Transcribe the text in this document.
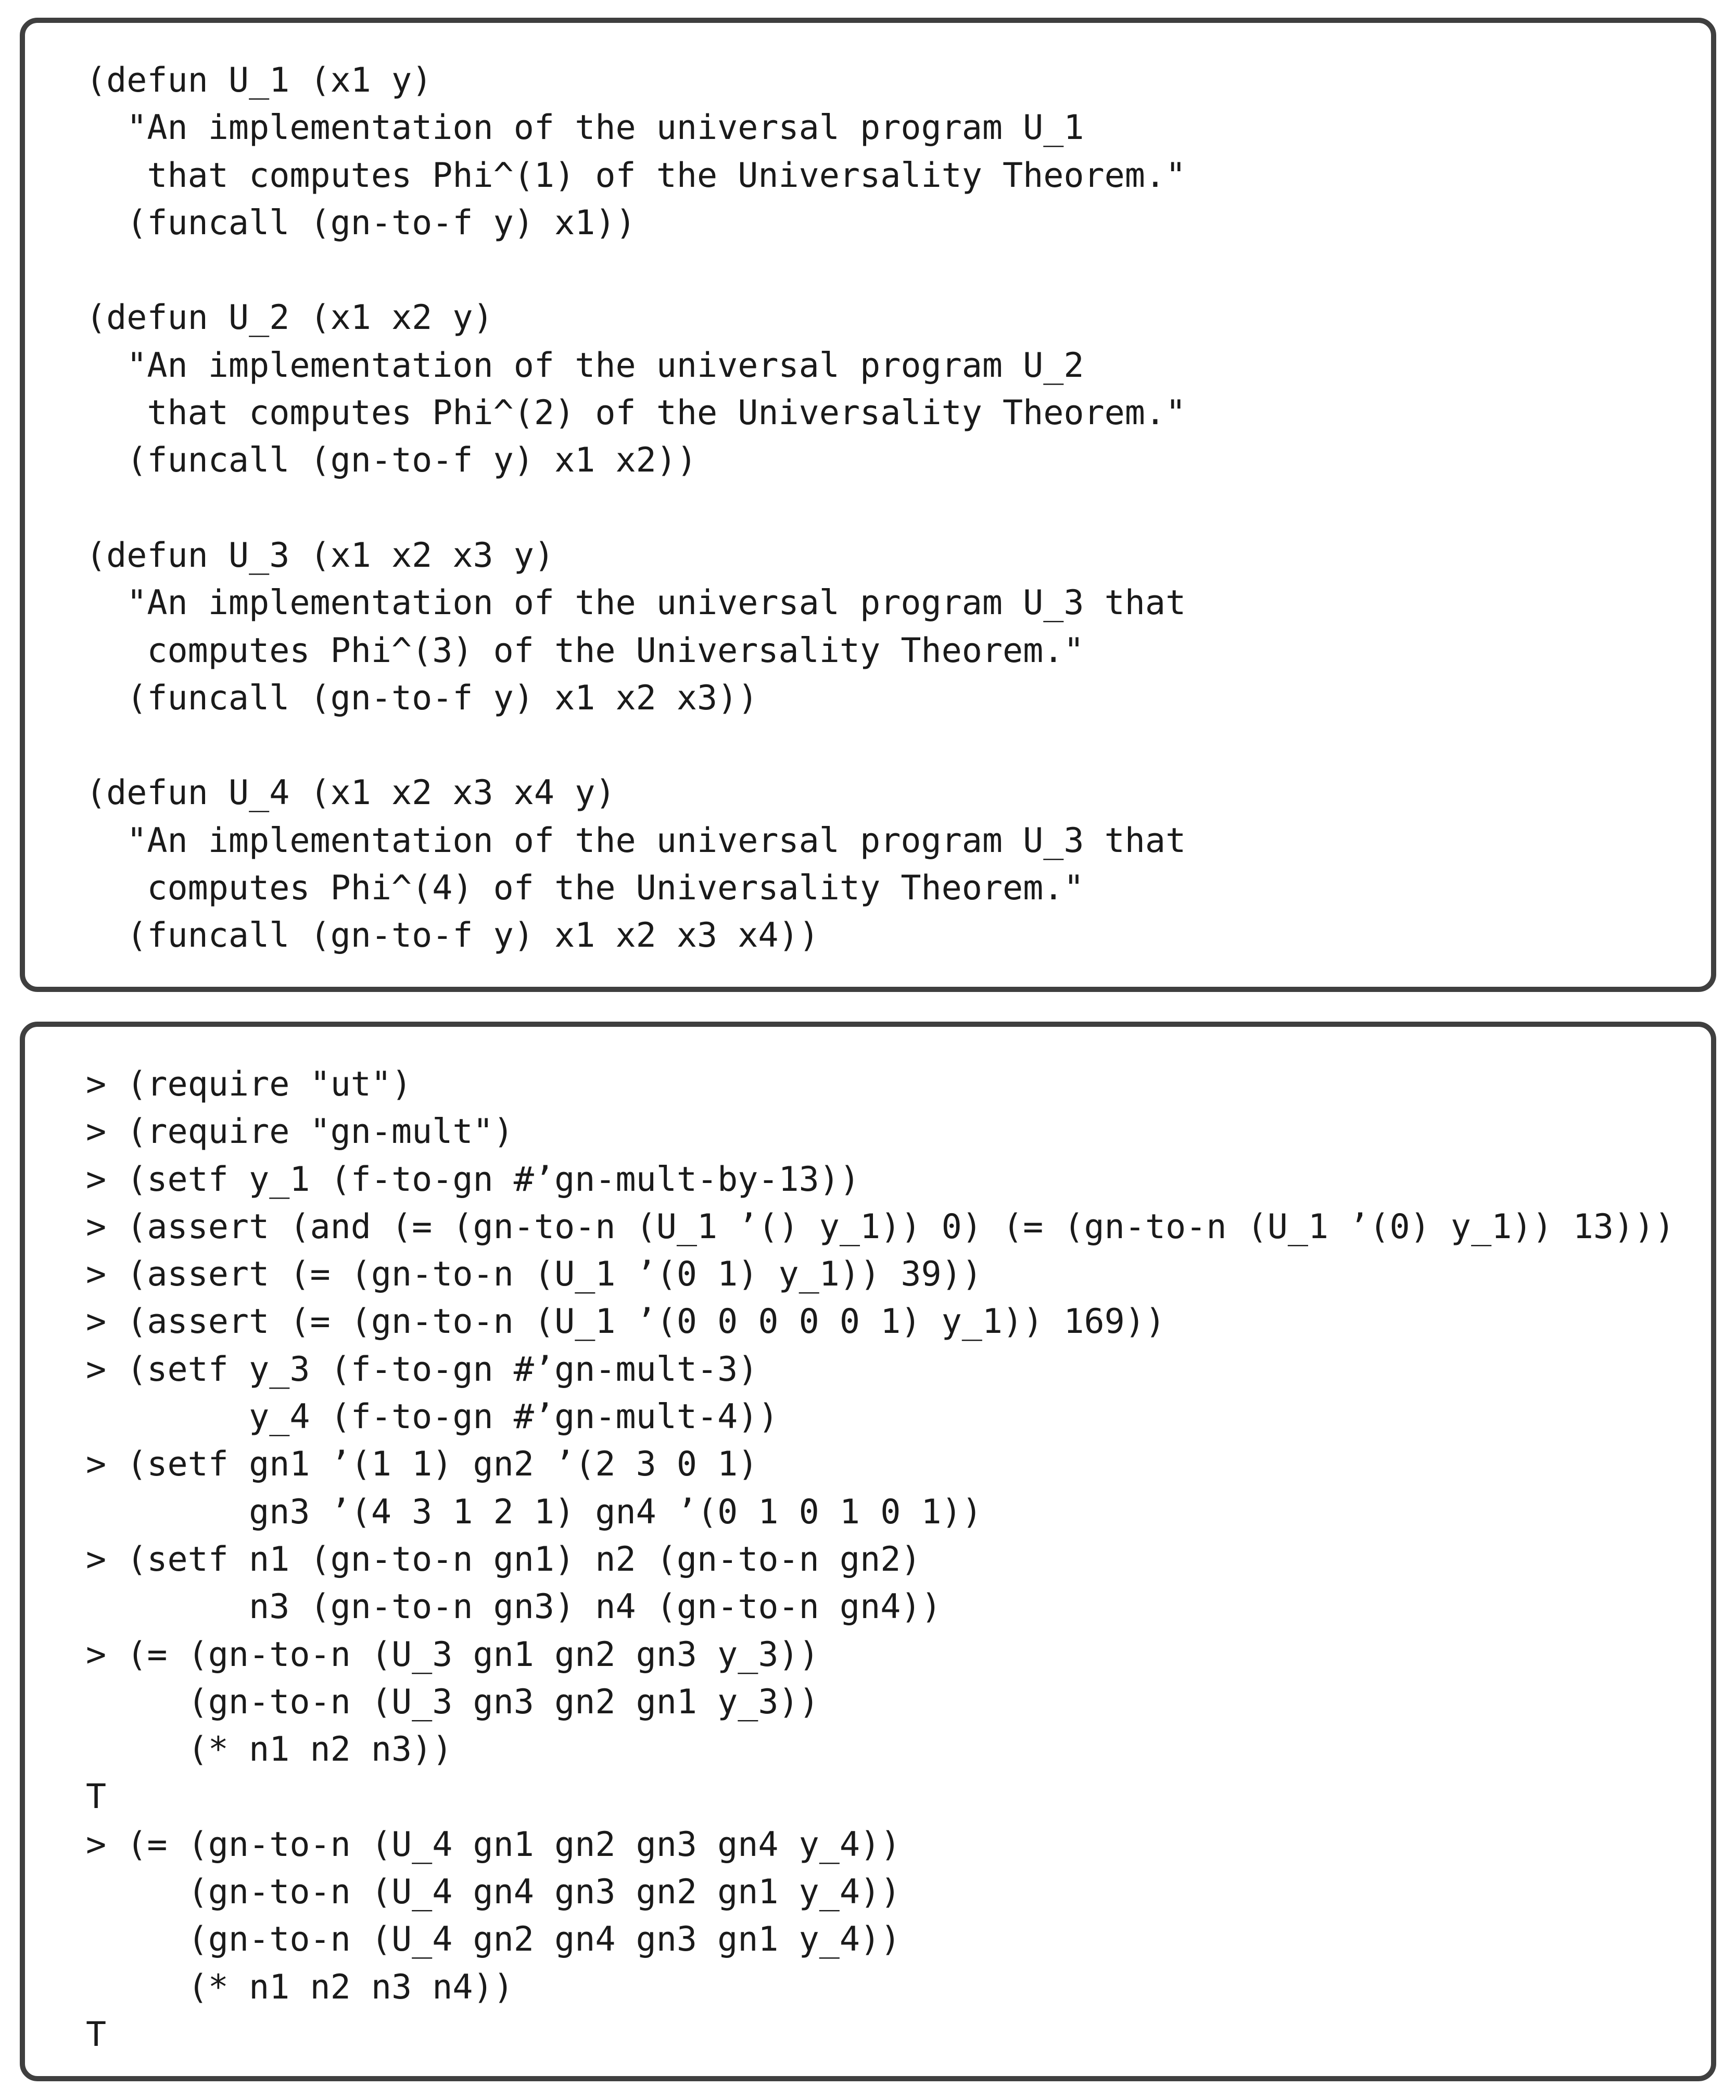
(defun U_1 (x1 y)
"An implementation of the universal program U_1
that computes Phi^(1) of the Universality Theorem."
(funcall (gn-to-f y) x1))

(defun U_2 (x1 x2 y)
"An implementation of the universal program U_2
that computes Phi^(2) of the Universality Theorem."
(funcall (gn-to-f y) x1 x2))

(defun U_3 (x1 x2 x3 y)
"An implementation of the universal program U_3 that
computes Phi^(3) of the Universality Theorem."
(funcall (gn-to-f y) x1 x2 x3))

(defun U_4 (x1 x2 x3 x4 y)
"An implementation of the universal program U_3 that
computes Phi^(4) of the Universality Theorem."
(funcall (gn-to-f y) x1 x2 x3 x4))
> (require "ut")
> (require "gn-mult")
> (setf y_1 (f-to-gn #’gn-mult-by-13))
> (assert (and (= (gn-to-n (U_1 ’() y_1)) 0) (= (gn-to-n (U_1 ’(0) y_1)) 13)))
> (assert (= (gn-to-n (U_1 ’(0 1) y_1)) 39))
> (assert (= (gn-to-n (U_1 ’(0 0 0 0 0 1) y_1)) 169))
> (setf y_3 (f-to-gn #’gn-mult-3)
y_4 (f-to-gn #’gn-mult-4))
> (setf gn1 ’(1 1) gn2 ’(2 3 0 1)
gn3 ’(4 3 1 2 1) gn4 ’(0 1 0 1 0 1))
> (setf n1 (gn-to-n gn1) n2 (gn-to-n gn2)
n3 (gn-to-n gn3) n4 (gn-to-n gn4))
> (= (gn-to-n (U_3 gn1 gn2 gn3 y_3))
(gn-to-n (U_3 gn3 gn2 gn1 y_3))
(* n1 n2 n3))
T
> (= (gn-to-n (U_4 gn1 gn2 gn3 gn4 y_4))
(gn-to-n (U_4 gn4 gn3 gn2 gn1 y_4))
(gn-to-n (U_4 gn2 gn4 gn3 gn1 y_4))
(* n1 n2 n3 n4))
T
